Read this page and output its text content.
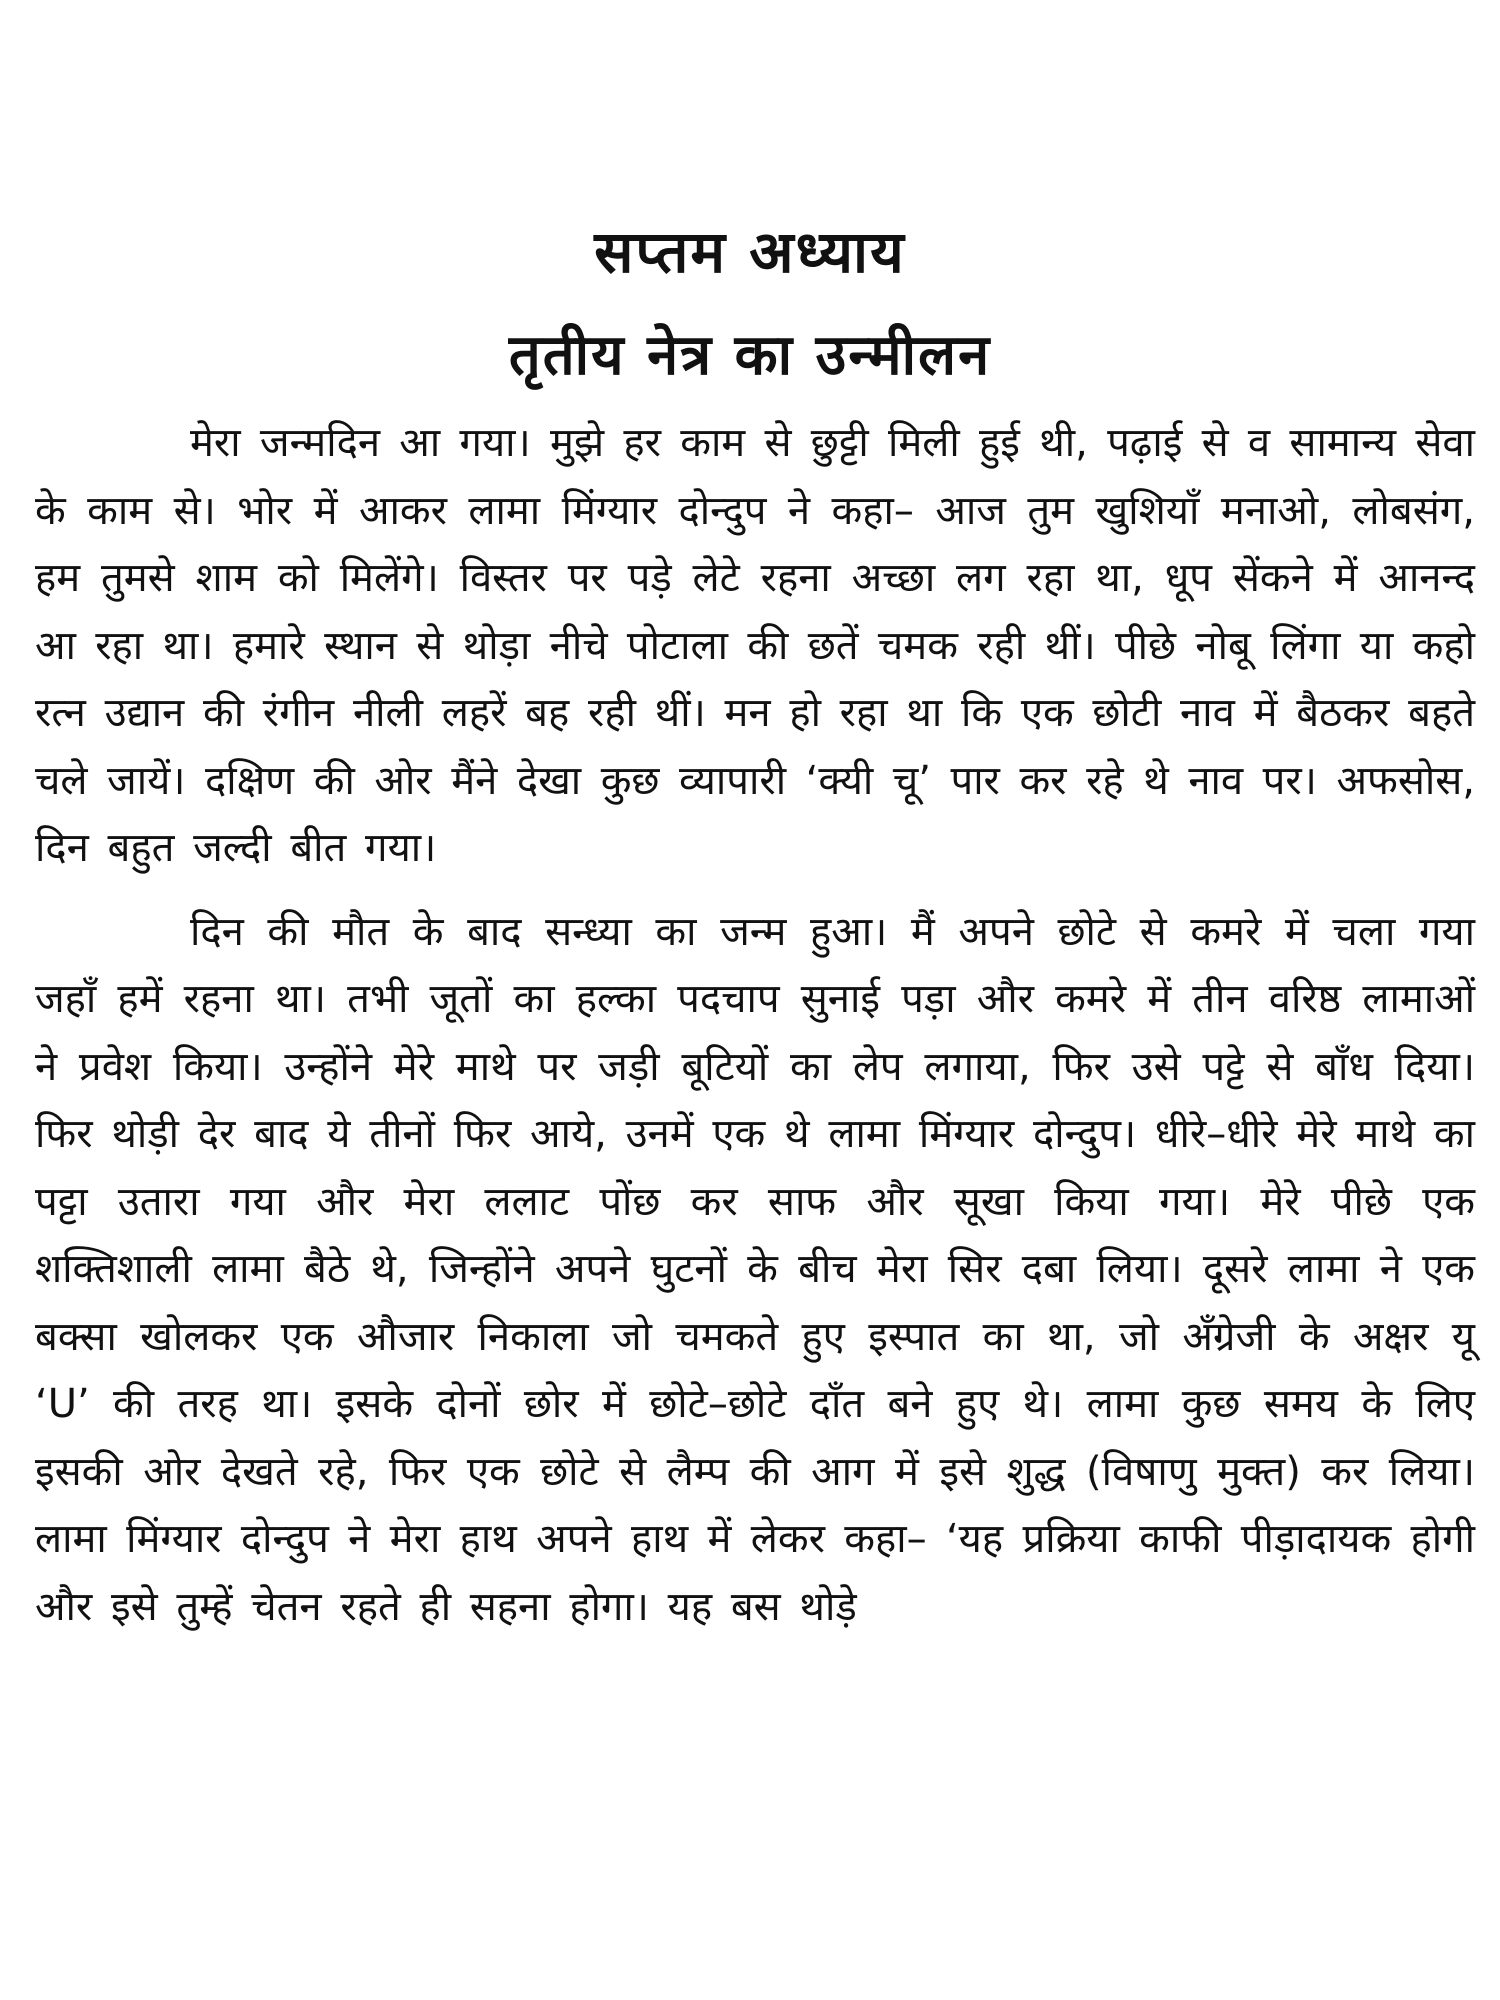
सप्तम अध्याय
तृतीय नेत्र का उन्मीलन

मेरा जन्मदिन आ गया। मुझे हर काम से छुट्टी मिली हुई थी, पढ़ाई से व सामान्य सेवा के काम से। भोर में आकर लामा मिंग्यार दोन्दुप ने कहा– आज तुम खुशियाँ मनाओ, लोबसंग, हम तुमसे शाम को मिलेंगे। विस्तर पर पड़े लेटे रहना अच्छा लग रहा था, धूप सेंकने में आनन्द आ रहा था। हमारे स्थान से थोड़ा नीचे पोटाला की छतें चमक रही थीं। पीछे नोबू लिंगा या कहो रत्न उद्यान की रंगीन नीली लहरें बह रही थीं। मन हो रहा था कि एक छोटी नाव में बैठकर बहते चले जायें। दक्षिण की ओर मैंने देखा कुछ व्यापारी ‘क्यी चू’ पार कर रहे थे नाव पर। अफसोस, दिन बहुत जल्दी बीत गया।

दिन की मौत के बाद सन्ध्या का जन्म हुआ। मैं अपने छोटे से कमरे में चला गया जहाँ हमें रहना था। तभी जूतों का हल्का पदचाप सुनाई पड़ा और कमरे में तीन वरिष्ठ लामाओं ने प्रवेश किया। उन्होंने मेरे माथे पर जड़ी बूटियों का लेप लगाया, फिर उसे पट्टे से बाँध दिया। फिर थोड़ी देर बाद ये तीनों फिर आये, उनमें एक थे लामा मिंग्यार दोन्दुप। धीरे–धीरे मेरे माथे का पट्टा उतारा गया और मेरा ललाट पोंछ कर साफ और सूखा किया गया। मेरे पीछे एक शक्तिशाली लामा बैठे थे, जिन्होंने अपने घुटनों के बीच मेरा सिर दबा लिया। दूसरे लामा ने एक बक्सा खोलकर एक औजार निकाला जो चमकते हुए इस्पात का था, जो अँग्रेजी के अक्षर यू ‘U’ की तरह था। इसके दोनों छोर में छोटे–छोटे दाँत बने हुए थे। लामा कुछ समय के लिए इसकी ओर देखते रहे, फिर एक छोटे से लैम्प की आग में इसे शुद्ध (विषाणु मुक्त) कर लिया। लामा मिंग्यार दोन्दुप ने मेरा हाथ अपने हाथ में लेकर कहा– ‘यह प्रक्रिया काफी पीड़ादायक होगी और इसे तुम्हें चेतन रहते ही सहना होगा। यह बस थोड़े
